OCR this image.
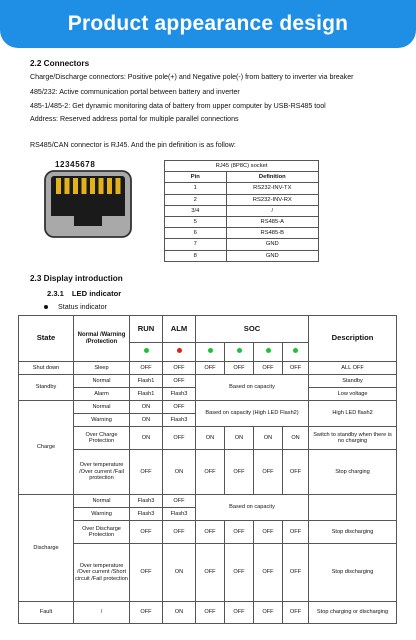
Product appearance design
2.2 Connectors
Charge/Discharge connectors: Positive pole(+) and Negative pole(-) from battery to inverter via breaker
485/232: Active communication portal between battery and inverter
485-1/485-2: Get dynamic monitoring data of battery from upper computer by USB-RS485 tool
Address: Reserved address portal for multiple parallel connections
RS485/CAN connector is RJ45. And the pin definition is as follow:
12345678	RJ45 (8P8C) socket	
Pin	Definition
1	RS232-INV-TX
2	RS232-INV-RX
3/4	/
5	RS485-A
6	RS485-B
7	GND
8	GND
2.3 Display introduction
2.3.1 LED indicator
Status indicator
State	Normal /Warning /Protection	RUN	ALM	SOC				Description

Shut down	Sleep	OFF	OFF	OFF	OFF	OFF	OFF	ALL OFF
Standby	Normal	Flash1	OFF	Based on capacity				Standby
	Alarm	Flash1	Flash3					Low voltage
Charge	Normal	ON	OFF	Based on capacity (High LED Flash2)				High LED flash2
	Warning	ON	Flash3					
	Over Charge Protection	ON	OFF	ON	ON	ON	ON	Switch to standby when there is no charging
	Over temperature /Over current /Fail protection	OFF	ON	OFF	OFF	OFF	OFF	Stop charging
Discharge	Normal	Flash3	OFF	Based on capacity				
	Warning	Flash3	Flash3					
	Over Discharge Protection	OFF	OFF	OFF	OFF	OFF	OFF	Stop discharging
	Over temperature /Over current /Short circuit /Fail protection	OFF	ON	OFF	OFF	OFF	OFF	Stop discharging
Fault	/	OFF	ON	OFF	OFF	OFF	OFF	Stop charging or discharging
